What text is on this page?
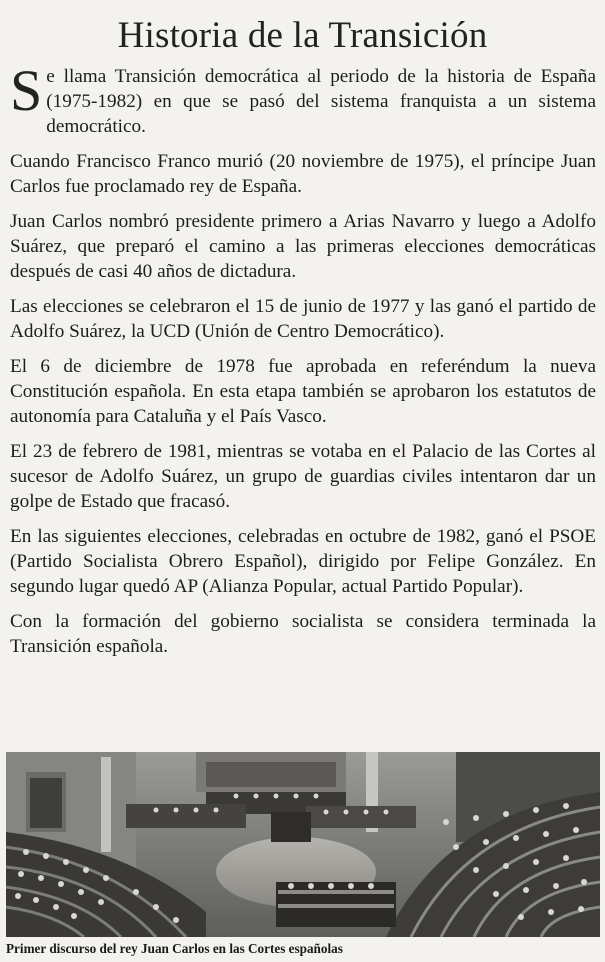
Historia de la Transición

Se llama Transición democrática al periodo de la historia de España (1975-1982) en que se pasó del sistema franquista a un sistema democrático.

Cuando Francisco Franco murió (20 noviembre de 1975), el príncipe Juan Carlos fue proclamado rey de España.

Juan Carlos nombró presidente primero a Arias Navarro y luego a Adolfo Suárez, que preparó el camino a las primeras elecciones democráticas después de casi 40 años de dictadura.

Las elecciones se celebraron el 15 de junio de 1977 y las ganó el partido de Adolfo Suárez, la UCD (Unión de Centro Democrático).

El 6 de diciembre de 1978 fue aprobada en referéndum la nueva Constitución española. En esta etapa también se aprobaron los estatutos de autonomía para Cataluña y el País Vasco.

El 23 de febrero de 1981, mientras se votaba en el Palacio de las Cortes al sucesor de Adolfo Suárez, un grupo de guardias civiles intentaron dar un golpe de Estado que fracasó.

En las siguientes elecciones, celebradas en octubre de 1982, ganó el PSOE (Partido Socialista Obrero Español), dirigido por Felipe González. En segundo lugar quedó AP (Alianza Popular, actual Partido Popular).

Con la formación del gobierno socialista se considera terminada la Transición española.

Primer discurso del rey Juan Carlos en las Cortes españolas
